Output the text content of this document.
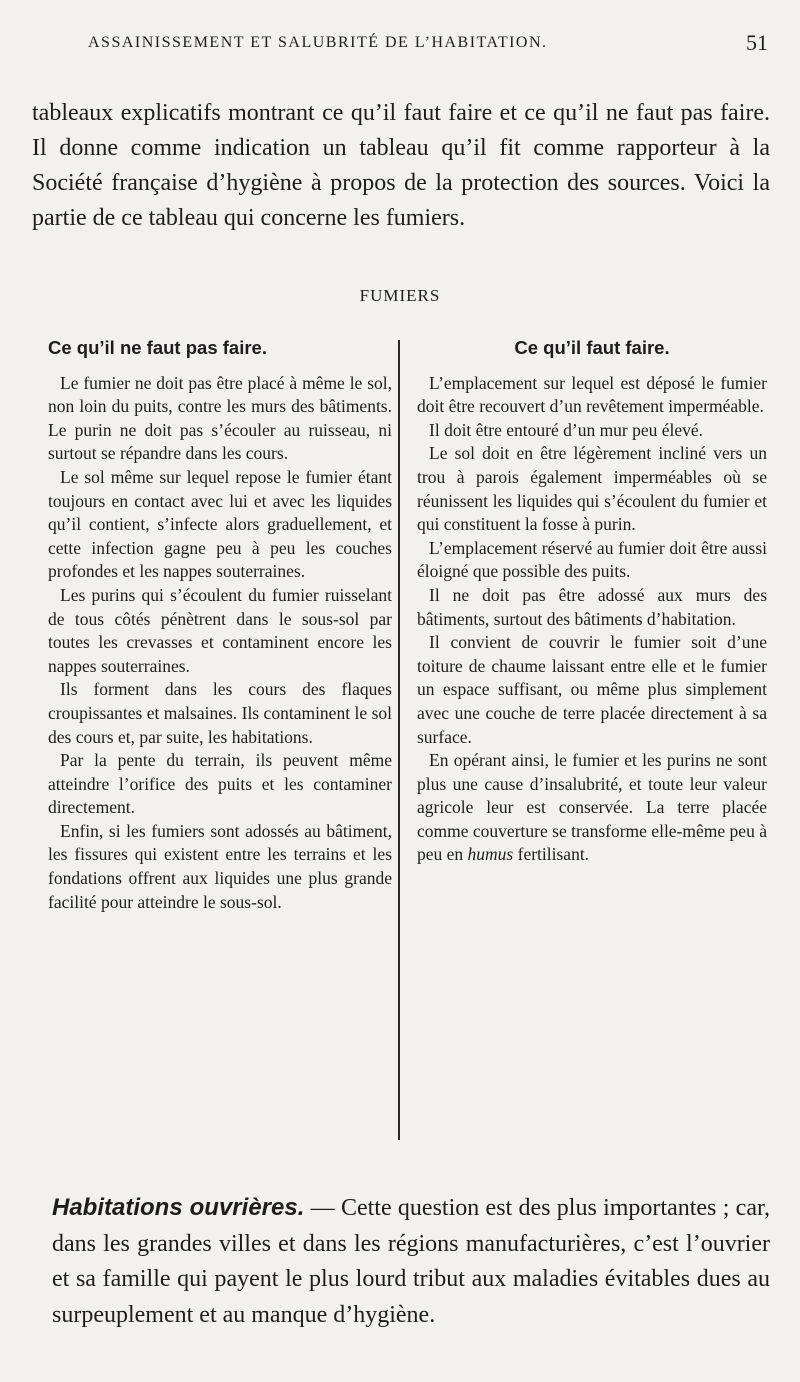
ASSAINISSEMENT ET SALUBRITÉ DE L’HABITATION.	51

tableaux explicatifs montrant ce qu’il faut faire et ce qu’il ne faut pas faire. Il donne comme indication un tableau qu’il fit comme rapporteur à la Société française d’hygiène à propos de la protection des sources. Voici la partie de ce tableau qui concerne les fumiers.

FUMIERS
Ce qu’il ne faut pas faire.

Le fumier ne doit pas être placé à même le sol, non loin du puits, contre les murs des bâtiments. Le purin ne doit pas s’écouler au ruisseau, ni surtout se répandre dans les cours.

Le sol même sur lequel repose le fumier étant toujours en contact avec lui et avec les liquides qu’il contient, s’infecte alors graduellement, et cette infection gagne peu à peu les couches profondes et les nappes souterraines.

Les purins qui s’écoulent du fumier ruisselant de tous côtés pénètrent dans le sous-sol par toutes les crevasses et contaminent encore les nappes souterraines.

Ils forment dans les cours des flaques croupissantes et malsaines. Ils contaminent le sol des cours et, par suite, les habitations.

Par la pente du terrain, ils peuvent même atteindre l’orifice des puits et les contaminer directement.

Enfin, si les fumiers sont adossés au bâtiment, les fissures qui existent entre les terrains et les fondations offrent aux liquides une plus grande facilité pour atteindre le sous-sol.

Ce qu’il faut faire.

L’emplacement sur lequel est déposé le fumier doit être recouvert d’un revêtement imperméable.

Il doit être entouré d’un mur peu élevé.

Le sol doit en être légèrement incliné vers un trou à parois également imperméables où se réunissent les liquides qui s’écoulent du fumier et qui constituent la fosse à purin.

L’emplacement réservé au fumier doit être aussi éloigné que possible des puits.

Il ne doit pas être adossé aux murs des bâtiments, surtout des bâtiments d’habitation.

Il convient de couvrir le fumier soit d’une toiture de chaume laissant entre elle et le fumier un espace suffisant, ou même plus simplement avec une couche de terre placée directement à sa surface.

En opérant ainsi, le fumier et les purins ne sont plus une cause d’insalubrité, et toute leur valeur agricole leur est conservée. La terre placée comme couverture se transforme elle-même peu à peu en humus fertilisant.

Habitations ouvrières. — Cette question est des plus importantes ; car, dans les grandes villes et dans les régions manufacturières, c’est l’ouvrier et sa famille qui payent le plus lourd tribut aux maladies évitables dues au surpeuplement et au manque d’hygiène.
